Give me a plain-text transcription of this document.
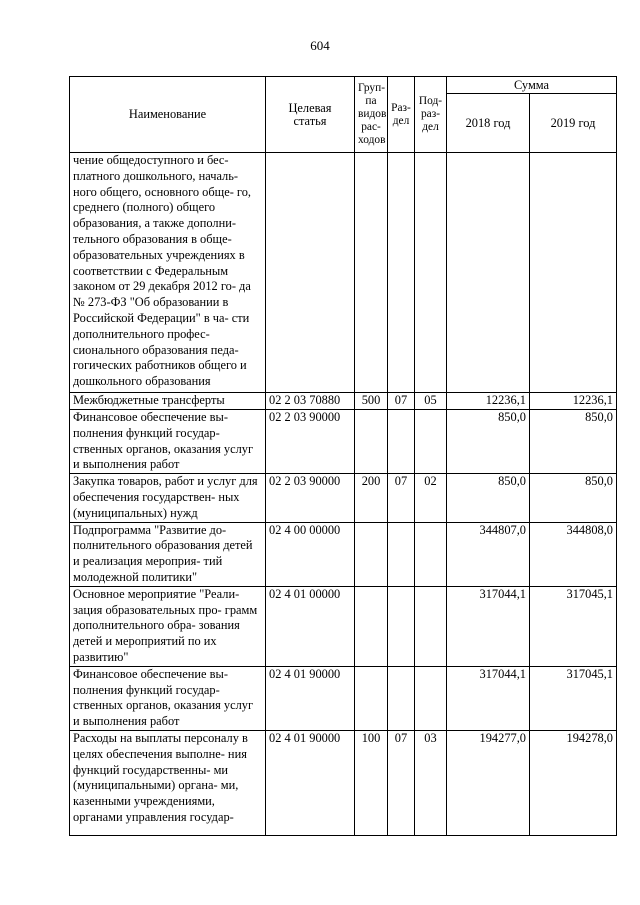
604
Наименование	Целевая статья	Груп-
па
видов
рас-
ходов	Раз-
дел	Под-
раз-
дел	Сумма	
					2018 год	2019 год
чение общедоступного и бес- платного дошкольного, началь- ного общего, основного обще- го, среднего (полного) общего образования, а также дополни- тельного образования в обще- образовательных учреждениях в соответствии с Федеральным законом от 29 декабря 2012 го- да № 273-ФЗ "Об образовании в Российской Федерации" в ча- сти дополнительного профес- сионального образования педа- гогических работников общего и дошкольного образования						
Межбюджетные трансферты	02 2 03 70880	500	07	05	12236,1	12236,1
Финансовое обеспечение вы- полнения функций государ- ственных органов, оказания услуг и выполнения работ	02 2 03 90000				850,0	850,0
Закупка товаров, работ и услуг для обеспечения государствен- ных (муниципальных) нужд	02 2 03 90000	200	07	02	850,0	850,0
Подпрограмма "Развитие до- полнительного образования детей и реализация мероприя- тий молодежной политики"	02 4 00 00000				344807,0	344808,0
Основное мероприятие "Реали- зация образовательных про- грамм дополнительного обра- зования детей и мероприятий по их развитию"	02 4 01 00000				317044,1	317045,1
Финансовое обеспечение вы- полнения функций государ- ственных органов, оказания услуг и выполнения работ	02 4 01 90000				317044,1	317045,1
Расходы на выплаты персоналу в целях обеспечения выполне- ния функций государственны- ми (муниципальными) органа- ми, казенными учреждениями, органами управления государ-	02 4 01 90000	100	07	03	194277,0	194278,0
